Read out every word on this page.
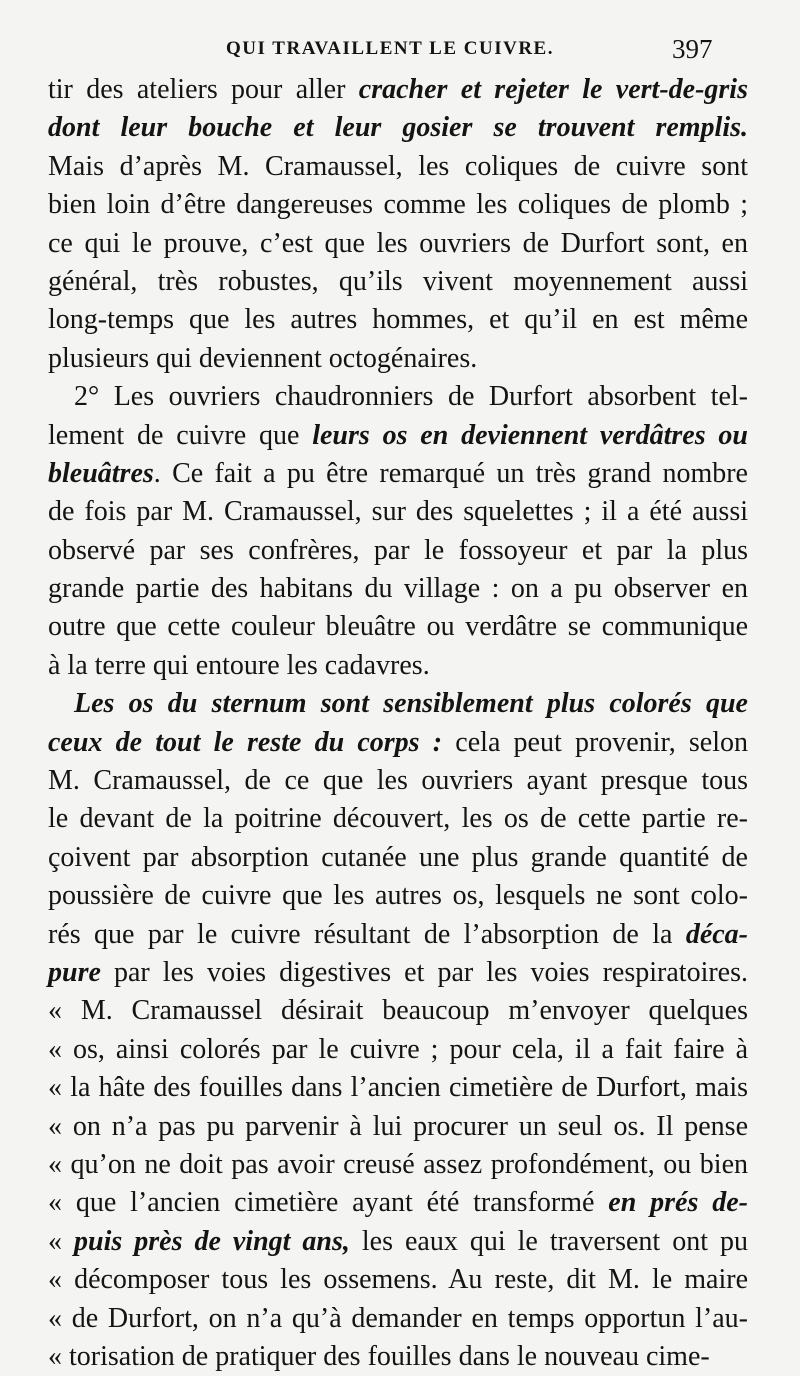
QUI TRAVAILLENT LE CUIVRE.	397
tir des ateliers pour aller cracher et rejeter le vert-de-gris
dont leur bouche et leur gosier se trouvent remplis.
Mais d’après M. Cramaussel, les coliques de cuivre sont
bien loin d’être dangereuses comme les coliques de plomb ;
ce qui le prouve, c’est que les ouvriers de Durfort sont, en
général, très robustes, qu’ils vivent moyennement aussi
long-temps que les autres hommes, et qu’il en est même
plusieurs qui deviennent octogénaires.
2° Les ouvriers chaudronniers de Durfort absorbent tel-
lement de cuivre que leurs os en deviennent verdâtres ou
bleuâtres. Ce fait a pu être remarqué un très grand nombre
de fois par M. Cramaussel, sur des squelettes ; il a été aussi
observé par ses confrères, par le fossoyeur et par la plus
grande partie des habitans du village : on a pu observer en
outre que cette couleur bleuâtre ou verdâtre se communique
à la terre qui entoure les cadavres.
Les os du sternum sont sensiblement plus colorés que
ceux de tout le reste du corps : cela peut provenir, selon
M. Cramaussel, de ce que les ouvriers ayant presque tous
le devant de la poitrine découvert, les os de cette partie re-
çoivent par absorption cutanée une plus grande quantité de
poussière de cuivre que les autres os, lesquels ne sont colo-
rés que par le cuivre résultant de l’absorption de la déca-
pure par les voies digestives et par les voies respiratoires.
« M. Cramaussel désirait beaucoup m’envoyer quelques
« os, ainsi colorés par le cuivre ; pour cela, il a fait faire à
« la hâte des fouilles dans l’ancien cimetière de Durfort, mais
« on n’a pas pu parvenir à lui procurer un seul os. Il pense
« qu’on ne doit pas avoir creusé assez profondément, ou bien
« que l’ancien cimetière ayant été transformé en prés de-
« puis près de vingt ans, les eaux qui le traversent ont pu
« décomposer tous les ossemens. Au reste, dit M. le maire
« de Durfort, on n’a qu’à demander en temps opportun l’au-
« torisation de pratiquer des fouilles dans le nouveau cime-
